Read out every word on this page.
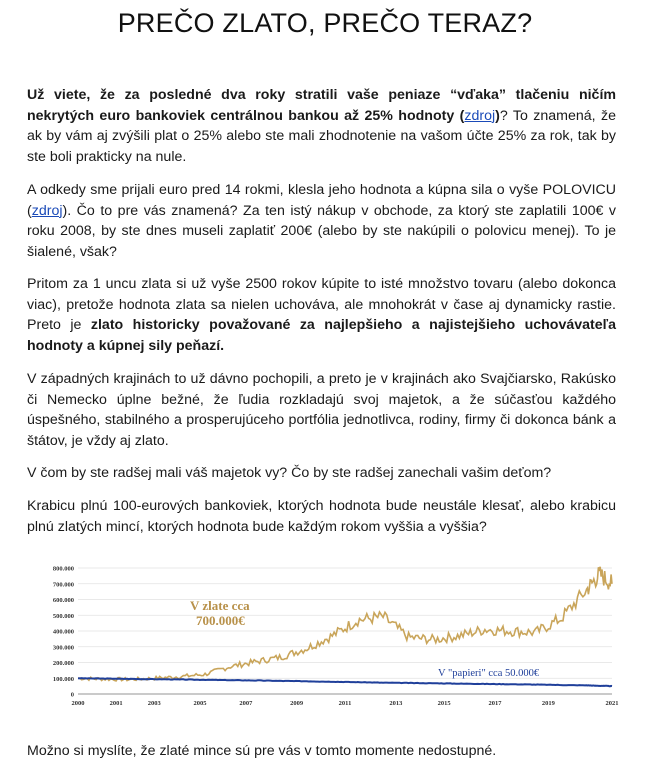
PREČO ZLATO, PREČO TERAZ?

Už viete, že za posledné dva roky stratili vaše peniaze “vďaka” tlačeniu ničím nekrytých euro bankoviek centrálnou bankou až 25% hodnoty (zdroj)? To znamená, že ak by vám aj zvýšili plat o 25% alebo ste mali zhodnotenie na vašom účte 25% za rok, tak by ste boli prakticky na nule.

A odkedy sme prijali euro pred 14 rokmi, klesla jeho hodnota a kúpna sila o vyše POLOVICU (zdroj). Čo to pre vás znamená? Za ten istý nákup v obchode, za ktorý ste zaplatili 100€ v roku 2008, by ste dnes museli zaplatiť 200€ (alebo by ste nakúpili o polovicu menej). To je šialené, však?

Pritom za 1 uncu zlata si už vyše 2500 rokov kúpite to isté množstvo tovaru (alebo dokonca viac), pretože hodnota zlata sa nielen uchováva, ale mnohokrát v čase aj dynamicky rastie. Preto je zlato historicky považované za najlepšieho a najistejšieho uchovávateľa hodnoty a kúpnej sily peňazí.

V západných krajinách to už dávno pochopili, a preto je v krajinách ako Svajčiarsko, Rakúsko či Nemecko úplne bežné, že ľudia rozkladajú svoj majetok, a že súčasťou každého úspešného, stabilného a prosperujúceho portfólia jednotlivca, rodiny, firmy či dokonca bánk a štátov, je vždy aj zlato.

V čom by ste radšej mali váš majetok vy? Čo by ste radšej zanechali vašim deťom?

Krabicu plnú 100-eurových bankoviek, ktorých hodnota bude neustále klesať, alebo krabicu plnú zlatých mincí, ktorých hodnota bude každým rokom vyššia a vyššia?

0
100.000
200.000
300.000
400.000
500.000
600.000
700.000
800.000
2000	2001	2003	2005	2007	2009	2011	2013	2015	2017	2019	2021
V zlate cca
700.000€
V "papieri" cca 50.000€

Možno si myslíte, že zlaté mince sú pre vás v tomto momente nedostupné.
